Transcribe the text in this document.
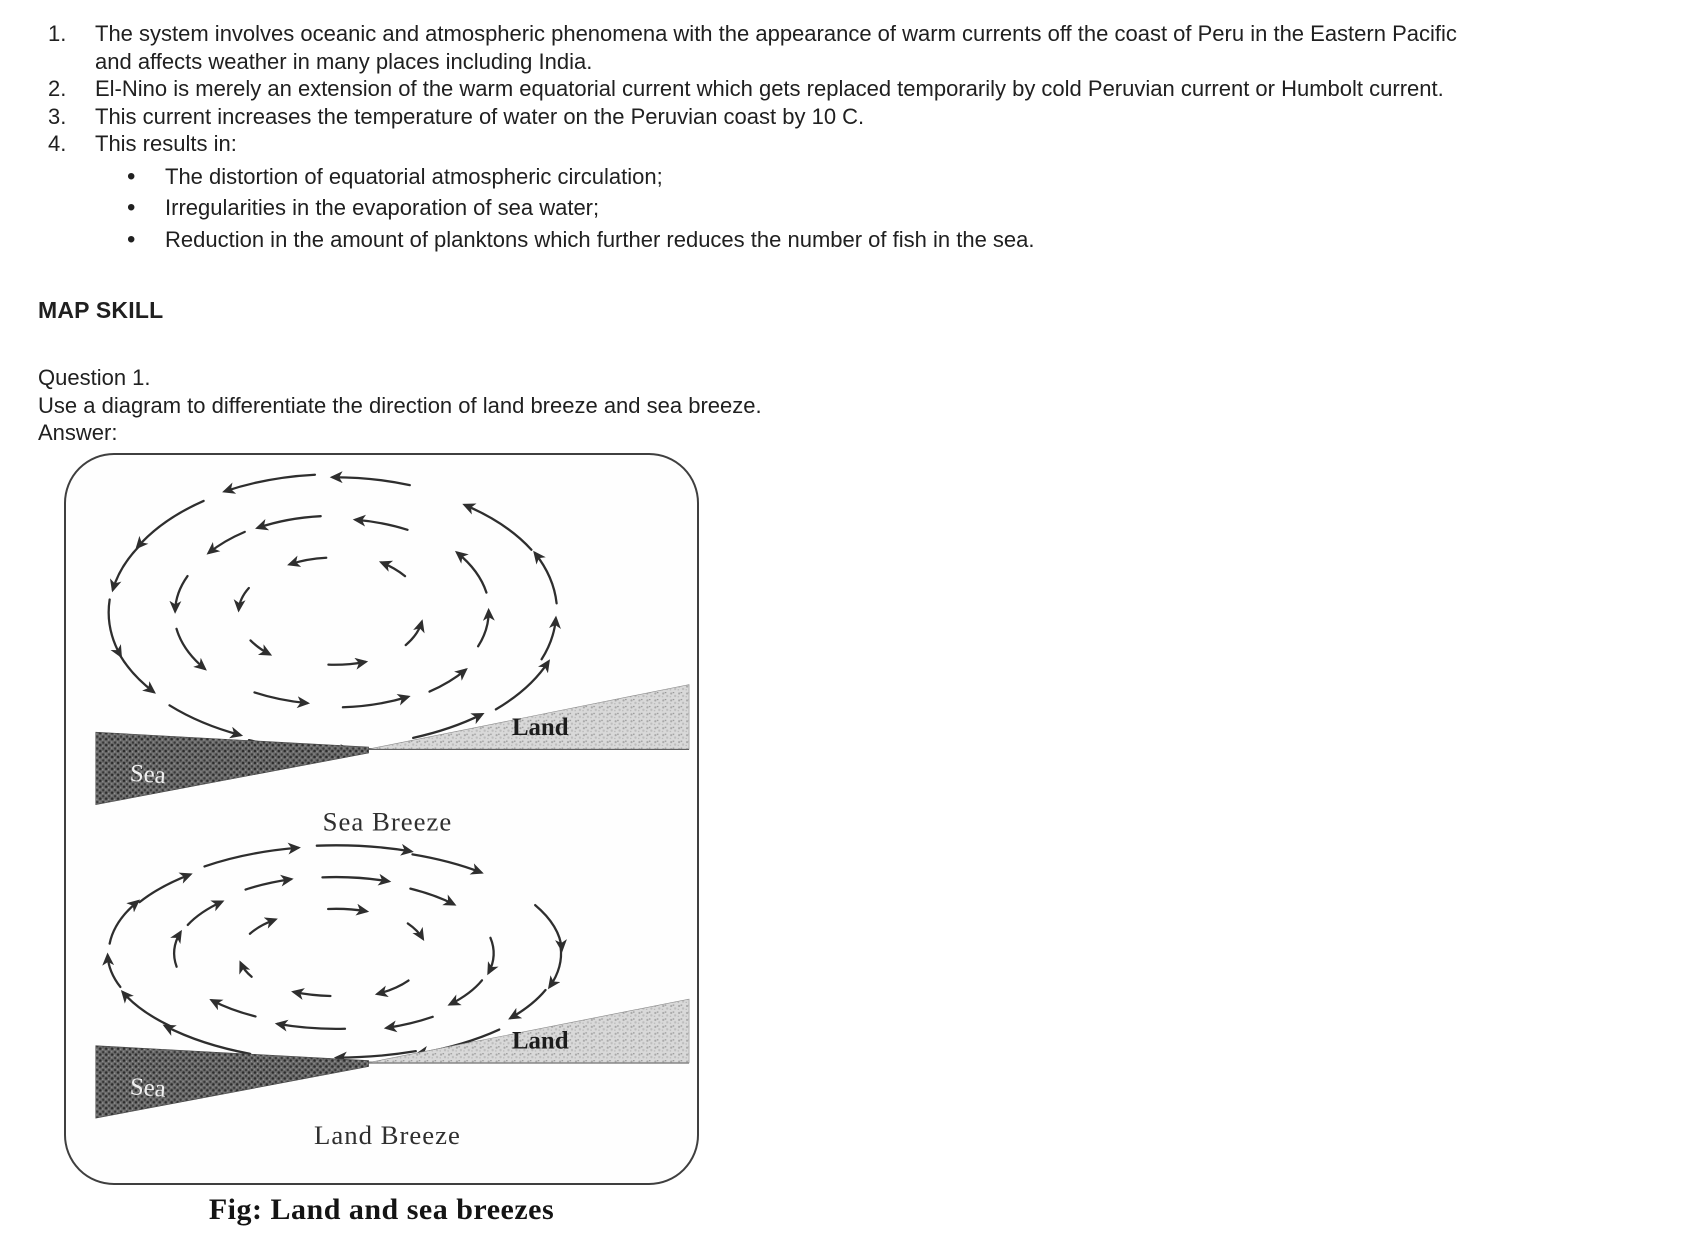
1.	The system involves oceanic and atmospheric phenomena with the appearance of warm currents off the coast of Peru in the Eastern Pacific
and affects weather in many places including India.
2.	El-Nino is merely an extension of the warm equatorial current which gets replaced temporarily by cold Peruvian current or Humbolt current.
3.	This current increases the temperature of water on the Peruvian coast by 10 C.
4.	This results in:
•
The distortion of equatorial atmospheric circulation;
•
Irregularities in the evaporation of sea water;
•
Reduction in the amount of planktons which further reduces the number of fish in the sea.
MAP SKILL
Question 1.
Use a diagram to differentiate the direction of land breeze and sea breeze.
Answer:
Land
Sea
Sea Breeze
Land
Sea
Land Breeze
Fig: Land and sea breezes
